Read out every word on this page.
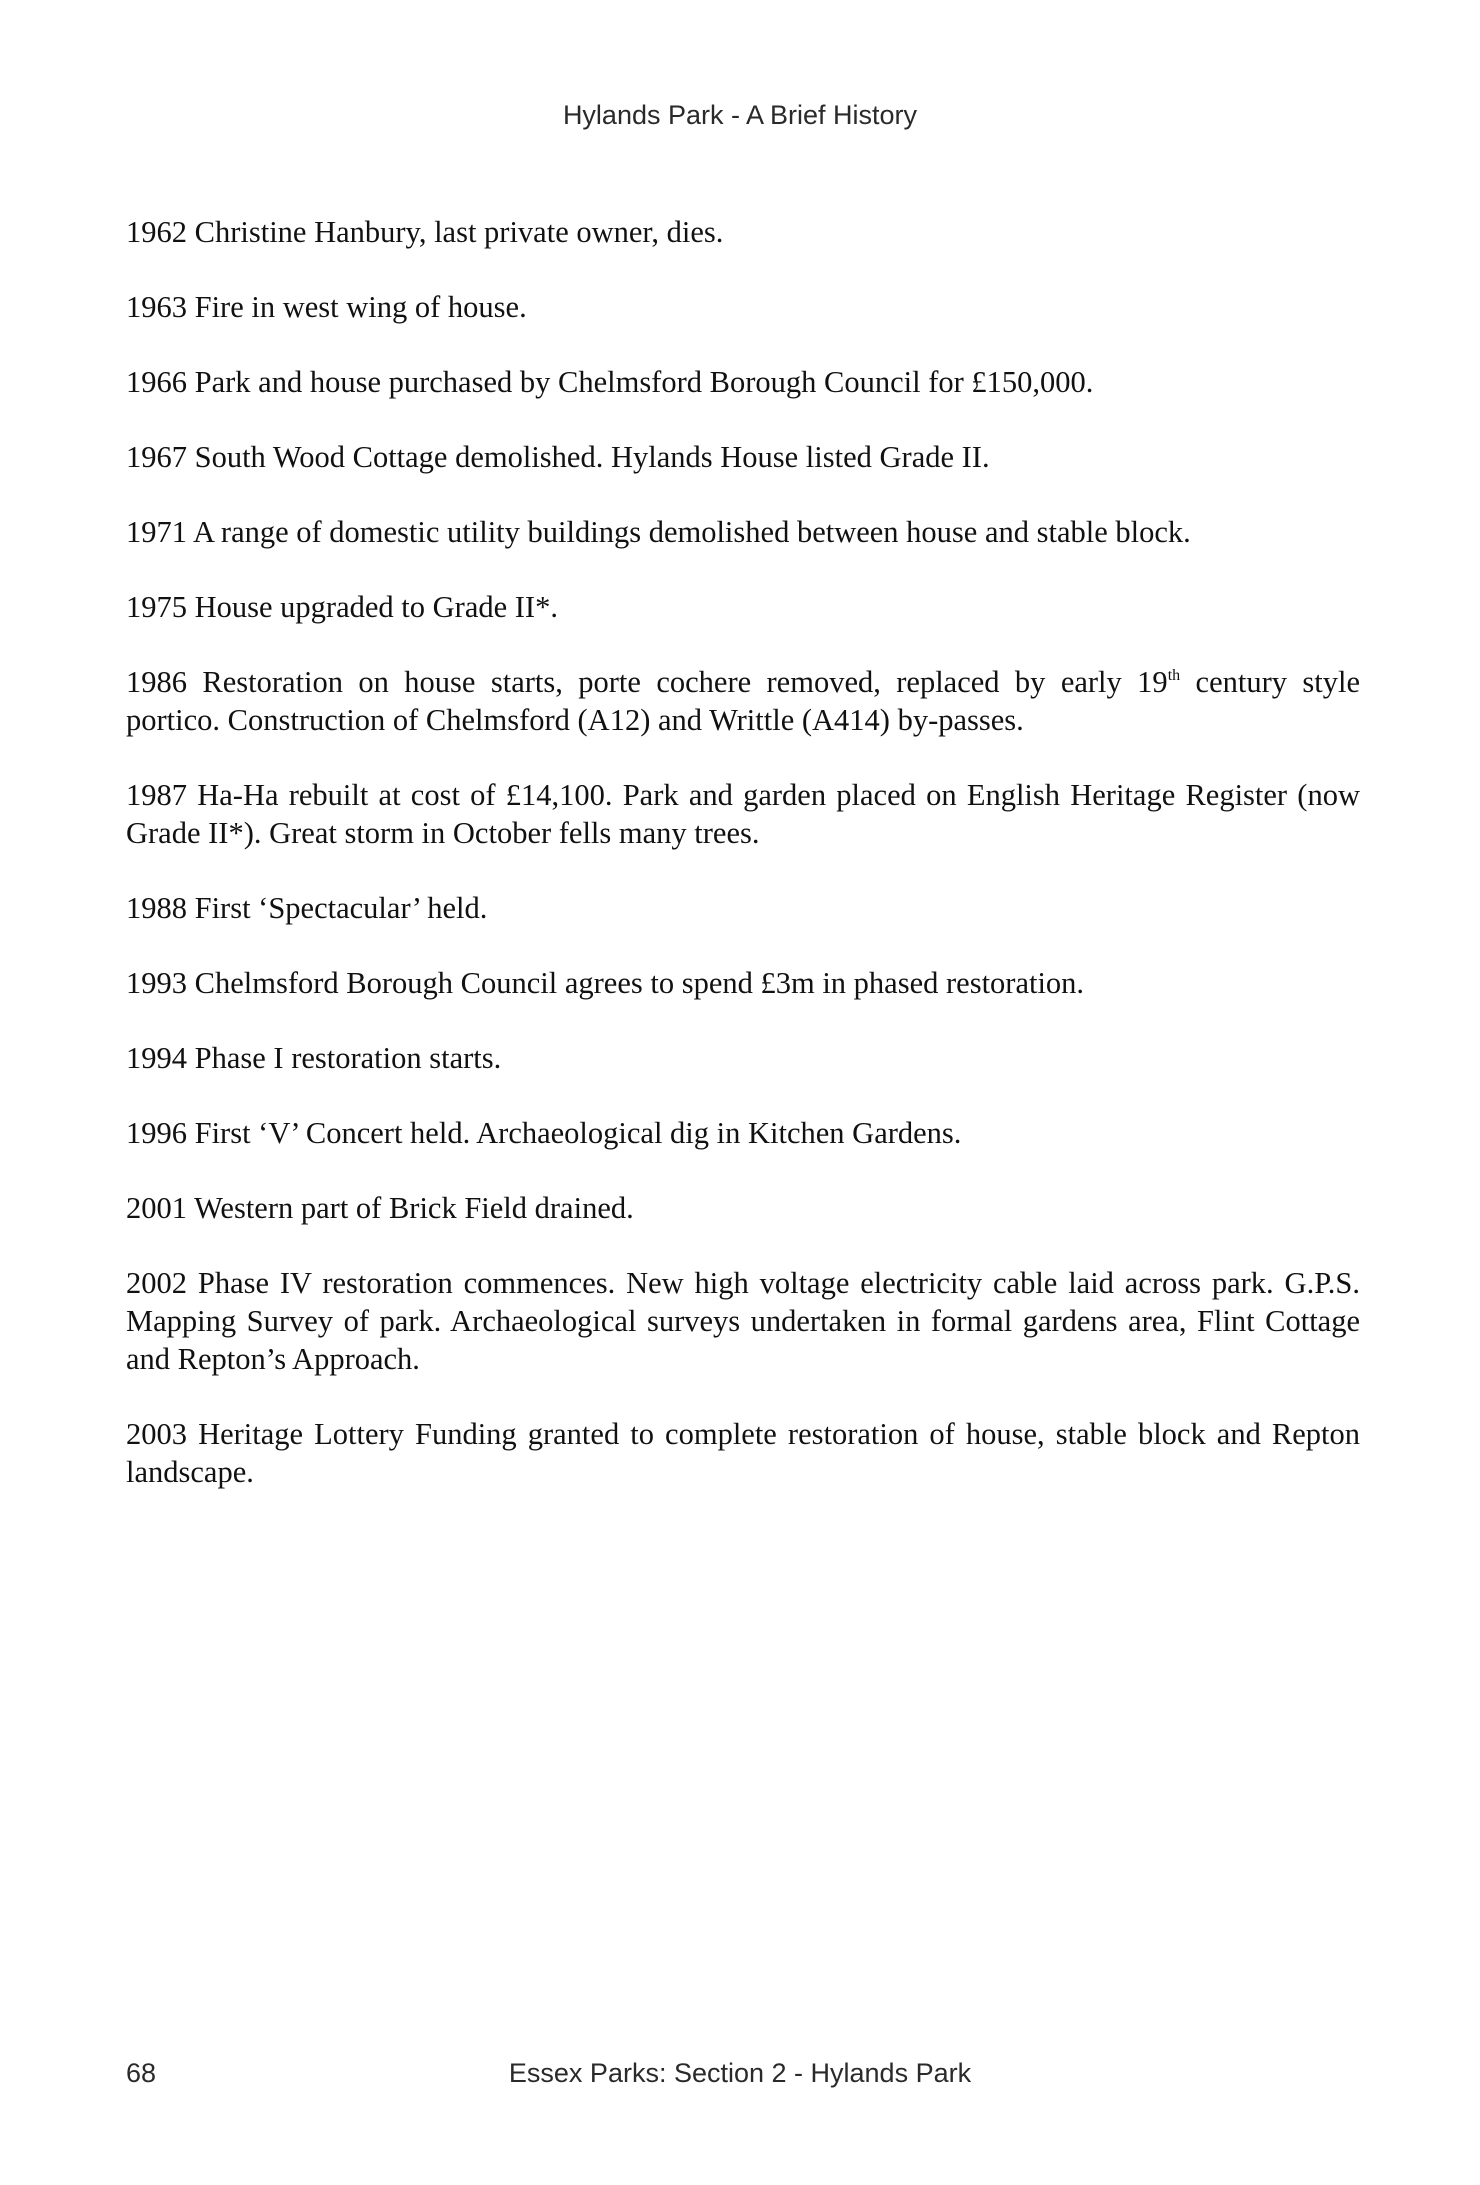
Hylands Park - A Brief History

1962 Christine Hanbury, last private owner, dies.

1963 Fire in west wing of house.

1966 Park and house purchased by Chelmsford Borough Council for £150,000.

1967 South Wood Cottage demolished. Hylands House listed Grade II.

1971 A range of domestic utility buildings demolished between house and stable block.

1975 House upgraded to Grade II*.

1986 Restoration on house starts, porte cochere removed, replaced by early 19th century style portico. Construction of Chelmsford (A12) and Writtle (A414) by-passes.

1987 Ha-Ha rebuilt at cost of £14,100. Park and garden placed on English Heritage Register (now Grade II*). Great storm in October fells many trees.

1988 First ‘Spectacular’ held.

1993 Chelmsford Borough Council agrees to spend £3m in phased restoration.

1994 Phase I restoration starts.

1996 First ‘V’ Concert held. Archaeological dig in Kitchen Gardens.

2001 Western part of Brick Field drained.

2002 Phase IV restoration commences. New high voltage electricity cable laid across park. G.P.S. Mapping Survey of park. Archaeological surveys undertaken in formal gardens area, Flint Cottage and Repton’s Approach.

2003 Heritage Lottery Funding granted to complete restoration of house, stable block and Repton landscape.

68	Essex Parks: Section 2 - Hylands Park
